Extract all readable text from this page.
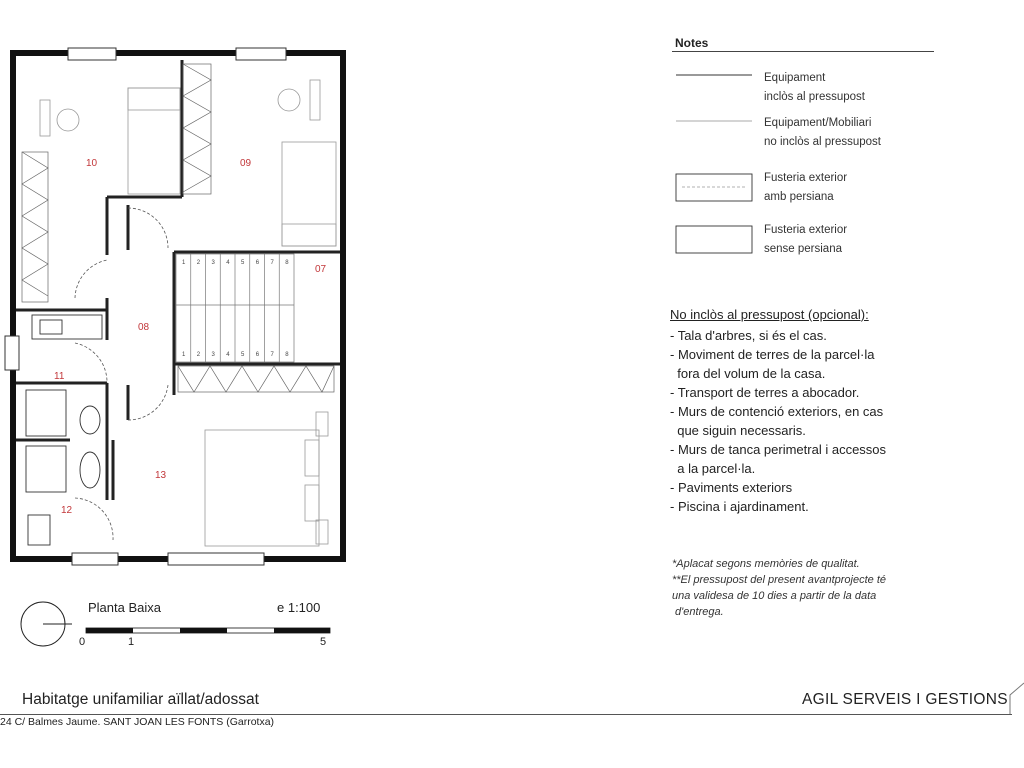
1 2 3 4 5 6 7 8
1 2 3 4 5 6 7 8
07
08
09
10
11
12
13
Notes
Equipament
inclòs al pressupost
Equipament/Mobiliari
no inclòs al pressupost
Fusteria exterior
amb persiana
Fusteria exterior
sense persiana
No inclòs al pressupost (opcional):
- Tala d'arbres, si és el cas.
- Moviment de terres de la parcel·la
fora del volum de la casa.
- Transport de terres a abocador.
- Murs de contenció exteriors, en cas
que siguin necessaris.
- Murs de tanca perimetral i accessos
a la parcel·la.
- Paviments exteriors
- Piscina i ajardinament.
*Aplacat segons memòries de qualitat.
**El pressupost del present avantprojecte té
una validesa de 10 dies a partir de la data
d'entrega.
Planta Baixa	e 1:100
0	1	5
Habitatge unifamiliar aïllat/adossat	AGIL SERVEIS I GESTIONS
24 C/ Balmes Jaume. SANT JOAN LES FONTS (Garrotxa)
